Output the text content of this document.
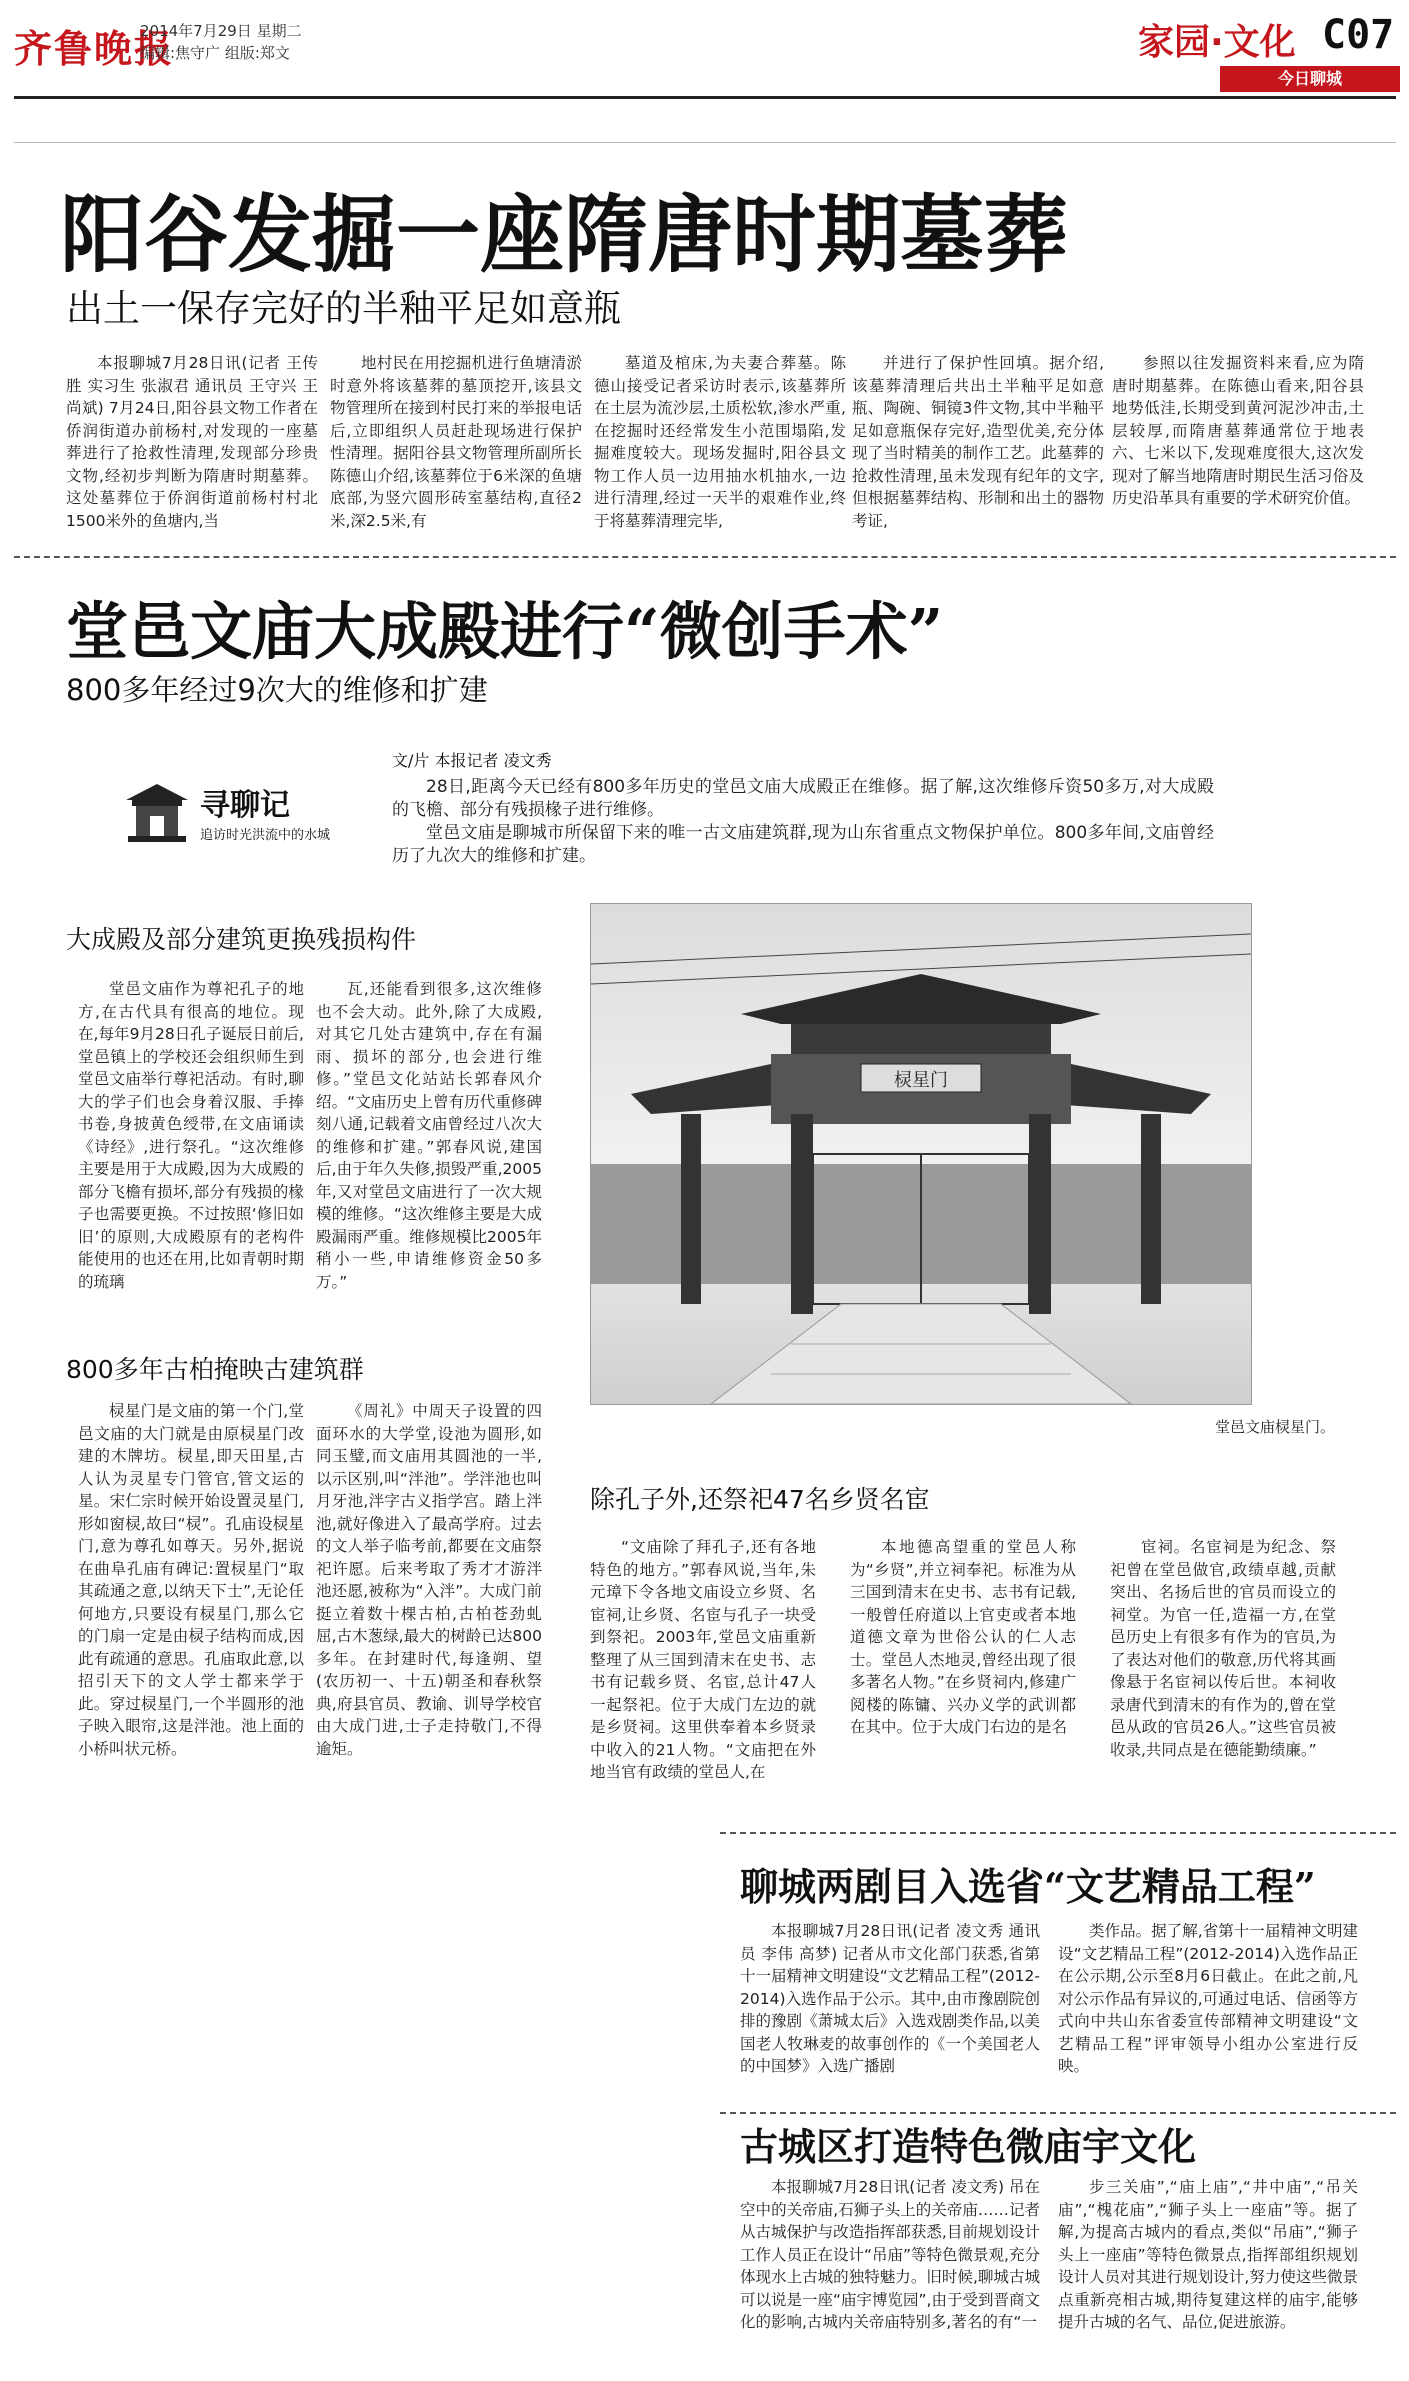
齐鲁晚报
2014年7月29日 星期二
编辑:焦守广 组版:郑文	家园·文化 C07
今日聊城
阳谷发掘一座隋唐时期墓葬
出土一保存完好的半釉平足如意瓶

本报聊城7月28日讯(记者 王传胜 实习生 张淑君 通讯员 王守兴 王尚斌) 7月24日,阳谷县文物工作者在侨润街道办前杨村,对发现的一座墓葬进行了抢救性清理,发现部分珍贵文物,经初步判断为隋唐时期墓葬。这处墓葬位于侨润街道前杨村村北1500米外的鱼塘内,当

地村民在用挖掘机进行鱼塘清淤时意外将该墓葬的墓顶挖开,该县文物管理所在接到村民打来的举报电话后,立即组织人员赶赴现场进行保护性清理。据阳谷县文物管理所副所长陈德山介绍,该墓葬位于6米深的鱼塘底部,为竖穴圆形砖室墓结构,直径2米,深2.5米,有

墓道及棺床,为夫妻合葬墓。陈德山接受记者采访时表示,该墓葬所在土层为流沙层,土质松软,渗水严重,在挖掘时还经常发生小范围塌陷,发掘难度较大。现场发掘时,阳谷县文物工作人员一边用抽水机抽水,一边进行清理,经过一天半的艰难作业,终于将墓葬清理完毕,

并进行了保护性回填。据介绍,该墓葬清理后共出土半釉平足如意瓶、陶碗、铜镜3件文物,其中半釉平足如意瓶保存完好,造型优美,充分体现了当时精美的制作工艺。此墓葬的抢救性清理,虽未发现有纪年的文字,但根据墓葬结构、形制和出土的器物考证,

参照以往发掘资料来看,应为隋唐时期墓葬。在陈德山看来,阳谷县地势低洼,长期受到黄河泥沙冲击,土层较厚,而隋唐墓葬通常位于地表六、七米以下,发现难度很大,这次发现对了解当地隋唐时期民生活习俗及历史沿革具有重要的学术研究价值。

堂邑文庙大成殿进行“微创手术”
800多年经过9次大的维修和扩建
寻聊记
追访时光洪流中的水城
文/片 本报记者 凌文秀

28日,距离今天已经有800多年历史的堂邑文庙大成殿正在维修。据了解,这次维修斥资50多万,对大成殿的飞檐、部分有残损椽子进行维修。

堂邑文庙是聊城市所保留下来的唯一古文庙建筑群,现为山东省重点文物保护单位。800多年间,文庙曾经历了九次大的维修和扩建。

大成殿及部分建筑更换残损构件

堂邑文庙作为尊祀孔子的地方,在古代具有很高的地位。现在,每年9月28日孔子诞辰日前后,堂邑镇上的学校还会组织师生到堂邑文庙举行尊祀活动。有时,聊大的学子们也会身着汉服、手捧书卷,身披黄色绶带,在文庙诵读《诗经》,进行祭孔。“这次维修主要是用于大成殿,因为大成殿的部分飞檐有损坏,部分有残损的椽子也需要更换。不过按照‘修旧如旧’的原则,大成殿原有的老构件能使用的也还在用,比如青朝时期的琉璃

瓦,还能看到很多,这次维修也不会大动。此外,除了大成殿,对其它几处古建筑中,存在有漏雨、损坏的部分,也会进行维修。”堂邑文化站站长郭春风介绍。“文庙历史上曾有历代重修碑刻八通,记载着文庙曾经过八次大的维修和扩建。”郭春风说,建国后,由于年久失修,损毁严重,2005年,又对堂邑文庙进行了一次大规模的维修。“这次维修主要是大成殿漏雨严重。维修规模比2005年稍小一些,申请维修资金50多万。”

800多年古柏掩映古建筑群

棂星门是文庙的第一个门,堂邑文庙的大门就是由原棂星门改建的木牌坊。棂星,即天田星,古人认为灵星专门管官,管文运的星。宋仁宗时候开始设置灵星门,形如窗棂,故曰“棂”。孔庙设棂星门,意为尊孔如尊天。另外,据说在曲阜孔庙有碑记:置棂星门“取其疏通之意,以纳天下士”,无论任何地方,只要设有棂星门,那么它的门扇一定是由棂子结构而成,因此有疏通的意思。孔庙取此意,以招引天下的文人学士都来学于此。穿过棂星门,一个半圆形的池子映入眼帘,这是泮池。池上面的小桥叫状元桥。

《周礼》中周天子设置的四面环水的大学堂,设池为圆形,如同玉璧,而文庙用其圆池的一半,以示区别,叫“泮池”。学泮池也叫月牙池,泮字古义指学宫。踏上泮池,就好像进入了最高学府。过去的文人举子临考前,都要在文庙祭祀许愿。后来考取了秀才才游泮池还愿,被称为“入泮”。大成门前挺立着数十棵古柏,古柏苍劲虬屈,古木葱绿,最大的树龄已达800多年。在封建时代,每逢朔、望(农历初一、十五)朝圣和春秋祭典,府县官员、教谕、训导学校官由大成门进,士子走持敬门,不得逾矩。

棂星门
堂邑文庙棂星门。
除孔子外,还祭祀47名乡贤名宦

“文庙除了拜孔子,还有各地特色的地方。”郭春风说,当年,朱元璋下令各地文庙设立乡贤、名宦祠,让乡贤、名宦与孔子一块受到祭祀。2003年,堂邑文庙重新整理了从三国到清末在史书、志书有记载乡贤、名宦,总计47人一起祭祀。位于大成门左边的就是乡贤祠。这里供奉着本乡贤录中收入的21人物。“文庙把在外地当官有政绩的堂邑人,在

本地德高望重的堂邑人称为“乡贤”,并立祠奉祀。标准为从三国到清末在史书、志书有记载,一般曾任府道以上官吏或者本地道德文章为世俗公认的仁人志士。堂邑人杰地灵,曾经出现了很多著名人物。”在乡贤祠内,修建广阅楼的陈镛、兴办义学的武训都在其中。位于大成门右边的是名

宦祠。名宦祠是为纪念、祭祀曾在堂邑做官,政绩卓越,贡献突出、名扬后世的官员而设立的祠堂。为官一任,造福一方,在堂邑历史上有很多有作为的官员,为了表达对他们的敬意,历代将其画像悬于名宦祠以传后世。本祠收录唐代到清末的有作为的,曾在堂邑从政的官员26人。”这些官员被收录,共同点是在德能勤绩廉。”

聊城两剧目入选省“文艺精品工程”

本报聊城7月28日讯(记者 凌文秀 通讯员 李伟 高梦) 记者从市文化部门获悉,省第十一届精神文明建设“文艺精品工程”(2012-2014)入选作品于公示。其中,由市豫剧院创排的豫剧《萧城太后》入选戏剧类作品,以美国老人牧琳麦的故事创作的《一个美国老人的中国梦》入选广播剧

类作品。据了解,省第十一届精神文明建设“文艺精品工程”(2012-2014)入选作品正在公示期,公示至8月6日截止。在此之前,凡对公示作品有异议的,可通过电话、信函等方式向中共山东省委宣传部精神文明建设“文艺精品工程”评审领导小组办公室进行反映。

古城区打造特色微庙宇文化

本报聊城7月28日讯(记者 凌文秀) 吊在空中的关帝庙,石狮子头上的关帝庙……记者从古城保护与改造指挥部获悉,目前规划设计工作人员正在设计“吊庙”等特色微景观,充分体现水上古城的独特魅力。旧时候,聊城古城可以说是一座“庙宇博览园”,由于受到晋商文化的影响,古城内关帝庙特别多,著名的有“一

步三关庙”,“庙上庙”,“井中庙”,“吊关庙”,“槐花庙”,“狮子头上一座庙”等。据了解,为提高古城内的看点,类似“吊庙”,“狮子头上一座庙”等特色微景点,指挥部组织规划设计人员对其进行规划设计,努力使这些微景点重新亮相古城,期待复建这样的庙宇,能够提升古城的名气、品位,促进旅游。
